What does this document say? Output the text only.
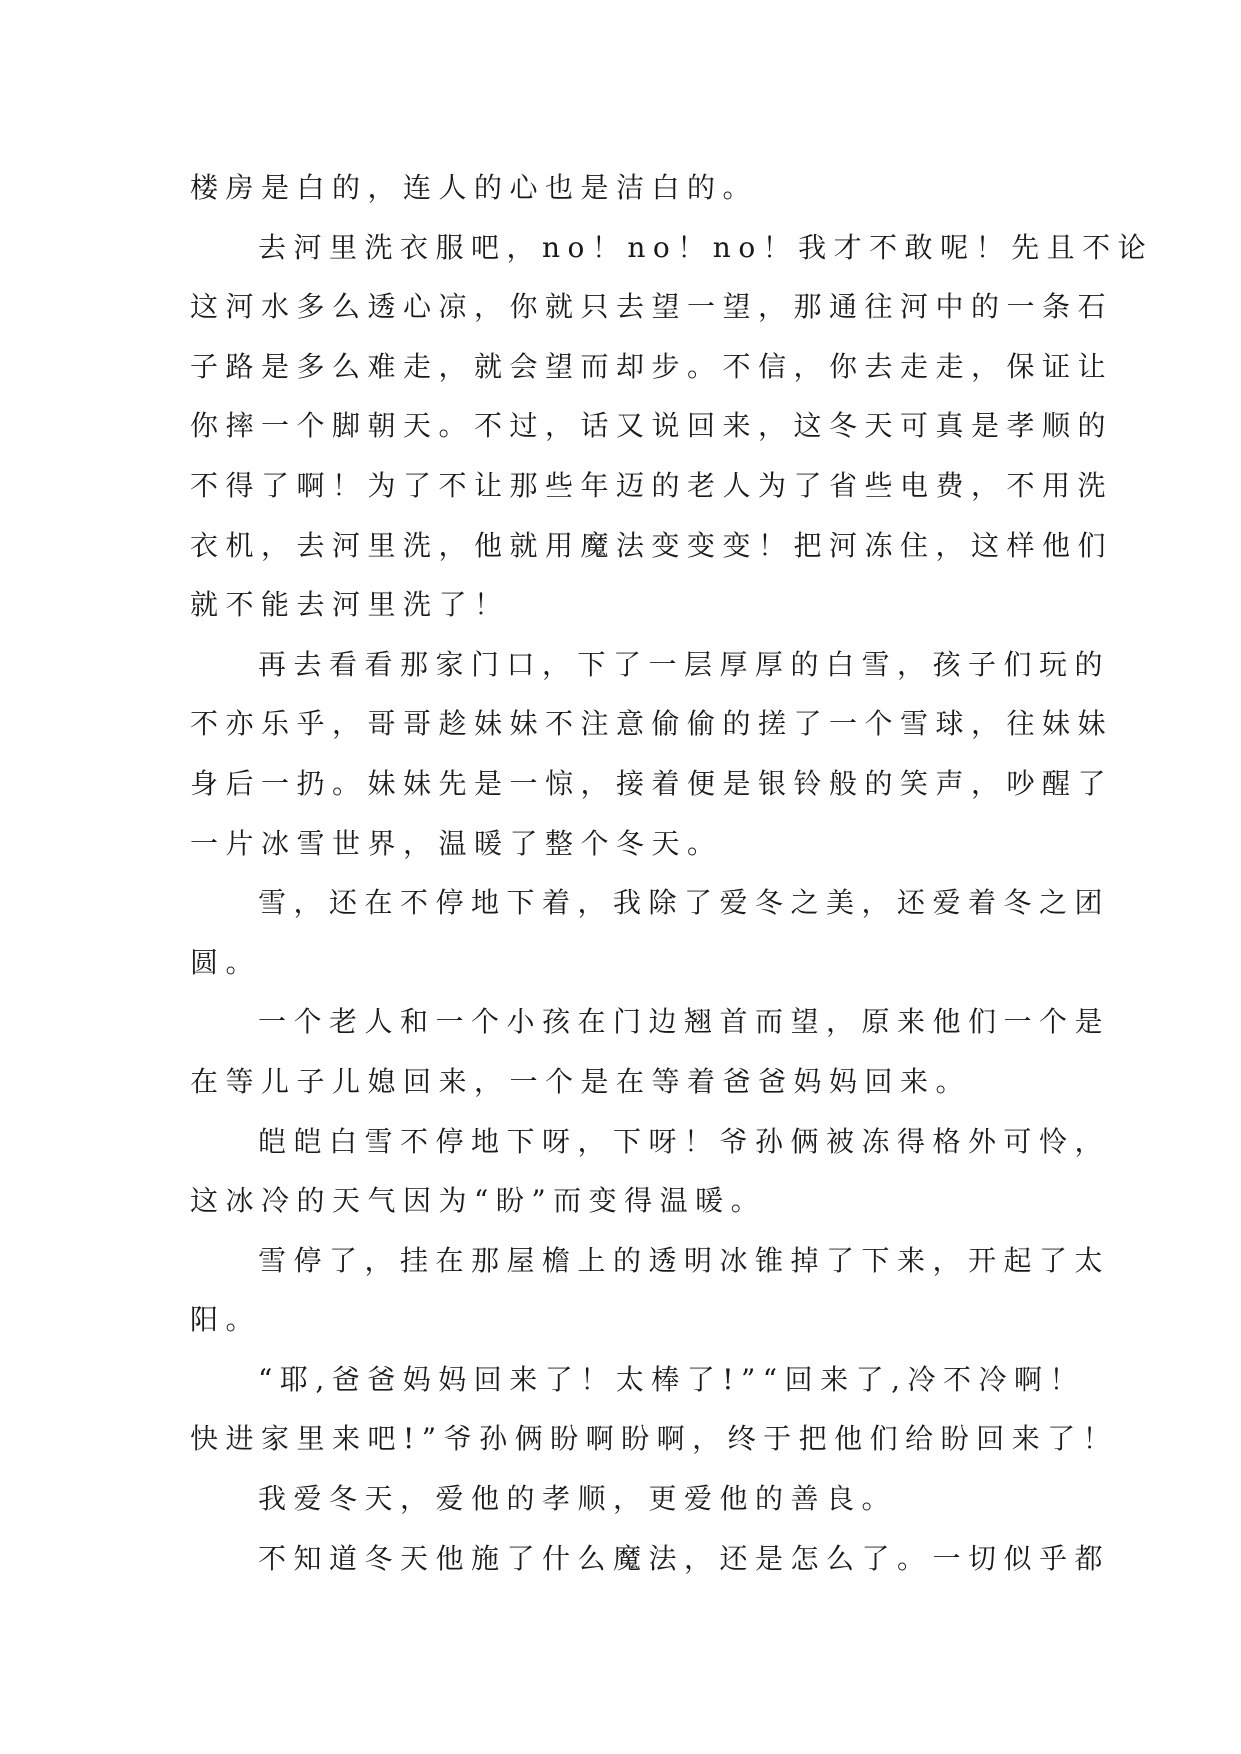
楼房是白的，连人的心也是洁白的。
去河里洗衣服吧，no！no！no！我才不敢呢！先且不论
这河水多么透心凉，你就只去望一望，那通往河中的一条石
子路是多么难走，就会望而却步。不信，你去走走，保证让
你摔一个脚朝天。不过，话又说回来，这冬天可真是孝顺的
不得了啊！为了不让那些年迈的老人为了省些电费，不用洗
衣机，去河里洗，他就用魔法变变变！把河冻住，这样他们
就不能去河里洗了！
再去看看那家门口，下了一层厚厚的白雪，孩子们玩的
不亦乐乎，哥哥趁妹妹不注意偷偷的搓了一个雪球，往妹妹
身后一扔。妹妹先是一惊，接着便是银铃般的笑声，吵醒了
一片冰雪世界，温暖了整个冬天。
雪，还在不停地下着，我除了爱冬之美，还爱着冬之团
圆。
一个老人和一个小孩在门边翘首而望，原来他们一个是
在等儿子儿媳回来，一个是在等着爸爸妈妈回来。
皑皑白雪不停地下呀，下呀！爷孙俩被冻得格外可怜，
这冰冷的天气因为“盼”而变得温暖。
雪停了，挂在那屋檐上的透明冰锥掉了下来，开起了太
阳。
“耶,爸爸妈妈回来了！太棒了!”“回来了,冷不冷啊！
快进家里来吧!”爷孙俩盼啊盼啊，终于把他们给盼回来了！
我爱冬天，爱他的孝顺，更爱他的善良。
不知道冬天他施了什么魔法，还是怎么了。一切似乎都
